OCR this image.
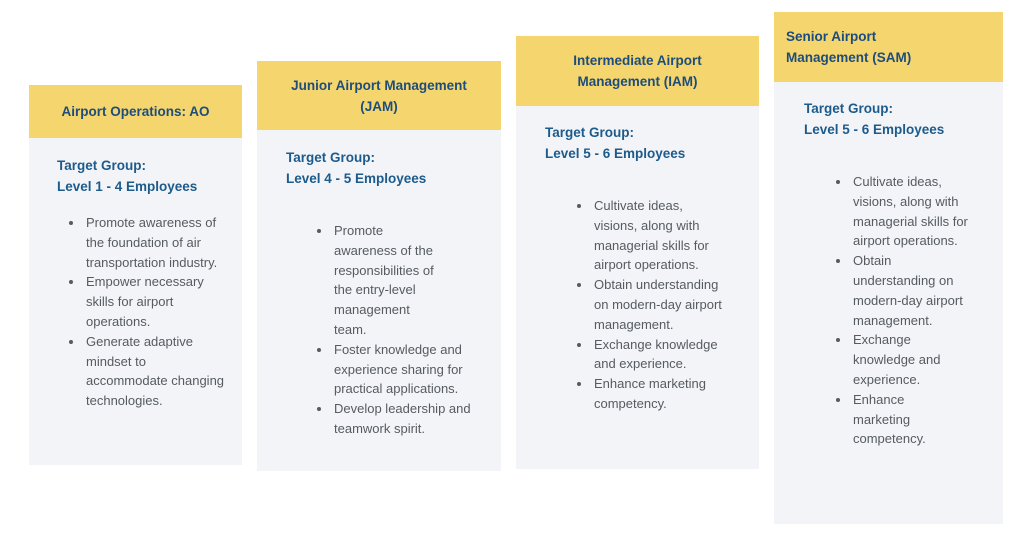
Airport Operations: AO
Target Group:
Level 1 - 4 Employees
Promote awareness of the foundation of air transportation industry.
Empower necessary skills for airport operations.
Generate adaptive mindset to accommodate changing technologies.
Junior Airport Management (JAM)
Target Group:
Level 4 - 5 Employees
Promote awareness of the responsibilities of the entry-level management team.
Foster knowledge and experience sharing for practical applications.
Develop leadership and teamwork spirit.
Intermediate Airport Management (IAM)
Target Group:
Level 5 - 6 Employees
Cultivate ideas, visions, along with managerial skills for airport operations.
Obtain understanding on modern-day airport management.
Exchange knowledge and experience.
Enhance marketing competency.
Senior Airport Management (SAM)
Target Group:
Level 5 - 6 Employees
Cultivate ideas, visions, along with managerial skills for airport operations.
Obtain understanding on modern-day airport management.
Exchange knowledge and experience.
Enhance marketing competency.
